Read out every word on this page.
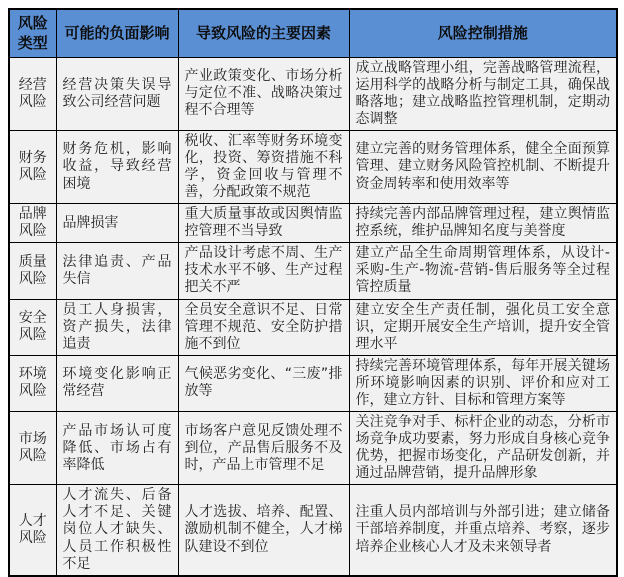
风险类型	可能的负面影响	导致风险的主要因素	风险控制措施
经营风险	经营决策失误导致公司经营问题	产业政策变化、市场分析与定位不准、战略决策过程不合理等	成立战略管理小组，完善战略管理流程，运用科学的战略分析与制定工具，确保战略落地；建立战略监控管理机制，定期动态调整
财务风险	财务危机，影响收益，导致经营困境	税收、汇率等财务环境变化，投资、筹资措施不科学，资金回收与管理不善，分配政策不规范	建立完善的财务管理体系，健全全面预算管理、建立财务风险管控机制、不断提升资金周转率和使用效率等
品牌风险	品牌损害	重大质量事故或因舆情监控管理不当导致	持续完善内部品牌管理过程，建立舆情监控系统，维护品牌知名度与美誉度
质量风险	法律追责、产品失信	产品设计考虑不周、生产技术水平不够、生产过程把关不严	建立产品全生命周期管理体系，从设计-采购-生产-物流-营销-售后服务等全过程管控质量
安全风险	员工人身损害，资产损失，法律追责	全员安全意识不足、日常管理不规范、安全防护措施不到位	建立安全生产责任制，强化员工安全意识，定期开展安全生产培训，提升安全管理水平
环境风险	环境变化影响正常经营	气候恶劣变化、“三废”排放等	持续完善环境管理体系，每年开展关键场所环境影响因素的识别、评价和应对工作，建立方针、目标和管理方案等
市场风险	产品市场认可度降低、市场占有率降低	市场客户意见反馈处理不到位，产品售后服务不及时，产品上市管理不足	关注竞争对手、标杆企业的动态，分析市场竞争成功要素，努力形成自身核心竞争优势，把握市场变化，产品研发创新，并通过品牌营销，提升品牌形象
人才风险	人才流失、后备人才不足、关键岗位人才缺失、人员工作积极性不足	人才选拔、培养、配置、激励机制不健全，人才梯队建设不到位	注重人员内部培训与外部引进；建立储备干部培养制度，并重点培养、考察，逐步培养企业核心人才及未来领导者
